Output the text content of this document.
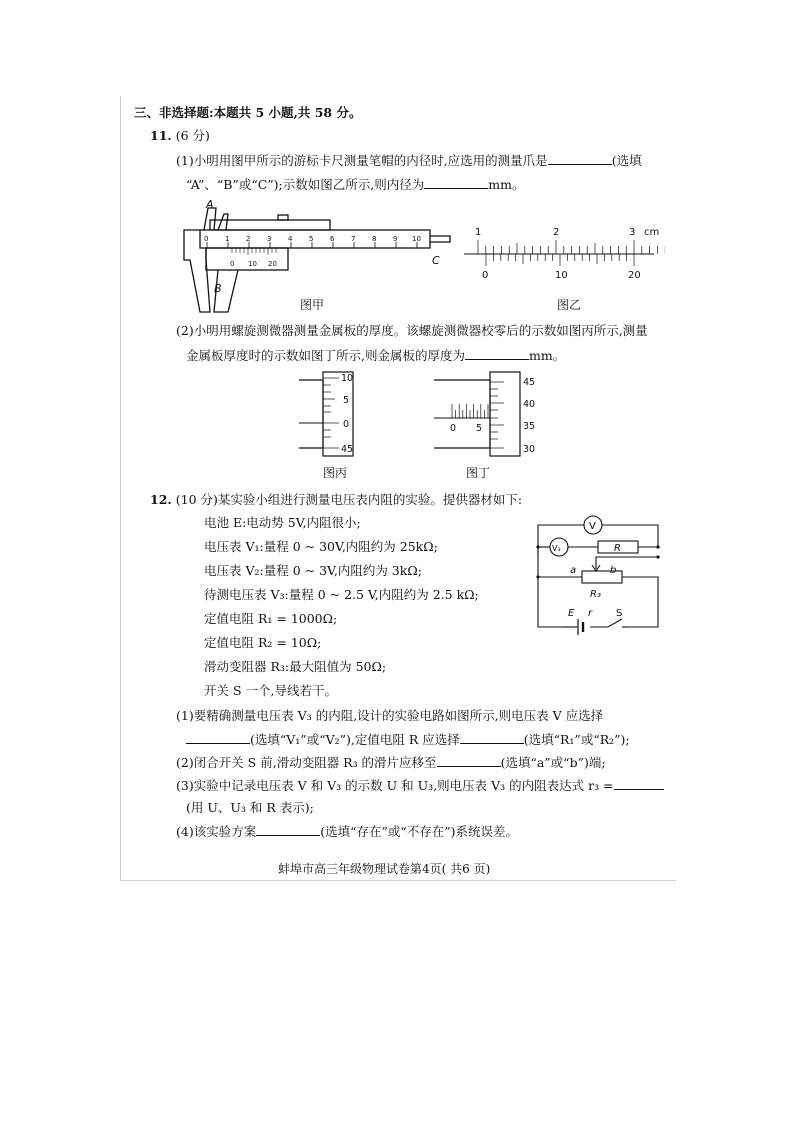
三、非选择题:本题共 5 小题,共 58 分。
11. (6 分)
(1)小明用图甲所示的游标卡尺测量笔帽的内径时,应选用的测量爪是	(选填
“A”、“B”或“C”);示数如图乙所示,则内径为	mm。
0 1 2 3 4 5 6 7 8 9 10
0 10 20
A
B
C
图甲
1	2	3 cm
0	10	20
图乙
(2)小明用螺旋测微器测量金属板的厚度。该螺旋测微器校零后的示数如图丙所示,测量
金属板厚度时的示数如图丁所示,则金属板的厚度为	mm。
10
5
0
45
图丙
45
40
35
30
0 5
图丁
12. (10 分)某实验小组进行测量电压表内阻的实验。提供器材如下:
电池 E:电动势 5V,内阻很小;
电压表 V₁:量程 0 ~ 30V,内阻约为 25kΩ;
电压表 V₂:量程 0 ~ 3V,内阻约为 3kΩ;
待测电压表 V₃:量程 0 ~ 2.5 V,内阻约为 2.5 kΩ;
定值电阻 R₁ = 1000Ω;
定值电阻 R₂ = 10Ω;
滑动变阻器 R₃:最大阻值为 50Ω;
开关 S 一个,导线若干。
V
V₃	R
a	b
R₃
E r S
(1)要精确测量电压表 V₃ 的内阻,设计的实验电路如图所示,则电压表 V 应选择
(选填“V₁”或“V₂”),定值电阻 R 应选择	(选填“R₁”或“R₂”);
(2)闭合开关 S 前,滑动变阻器 R₃ 的滑片应移至	(选填“a”或“b”)端;
(3)实验中记录电压表 V 和 V₃ 的示数 U 和 U₃,则电压表 V₃ 的内阻表达式 r₃ =
(用 U、U₃ 和 R 表示);
(4)该实验方案	(选填“存在”或“不存在”)系统误差。
蚌埠市高三年级物理试卷第4页( 共6 页)
